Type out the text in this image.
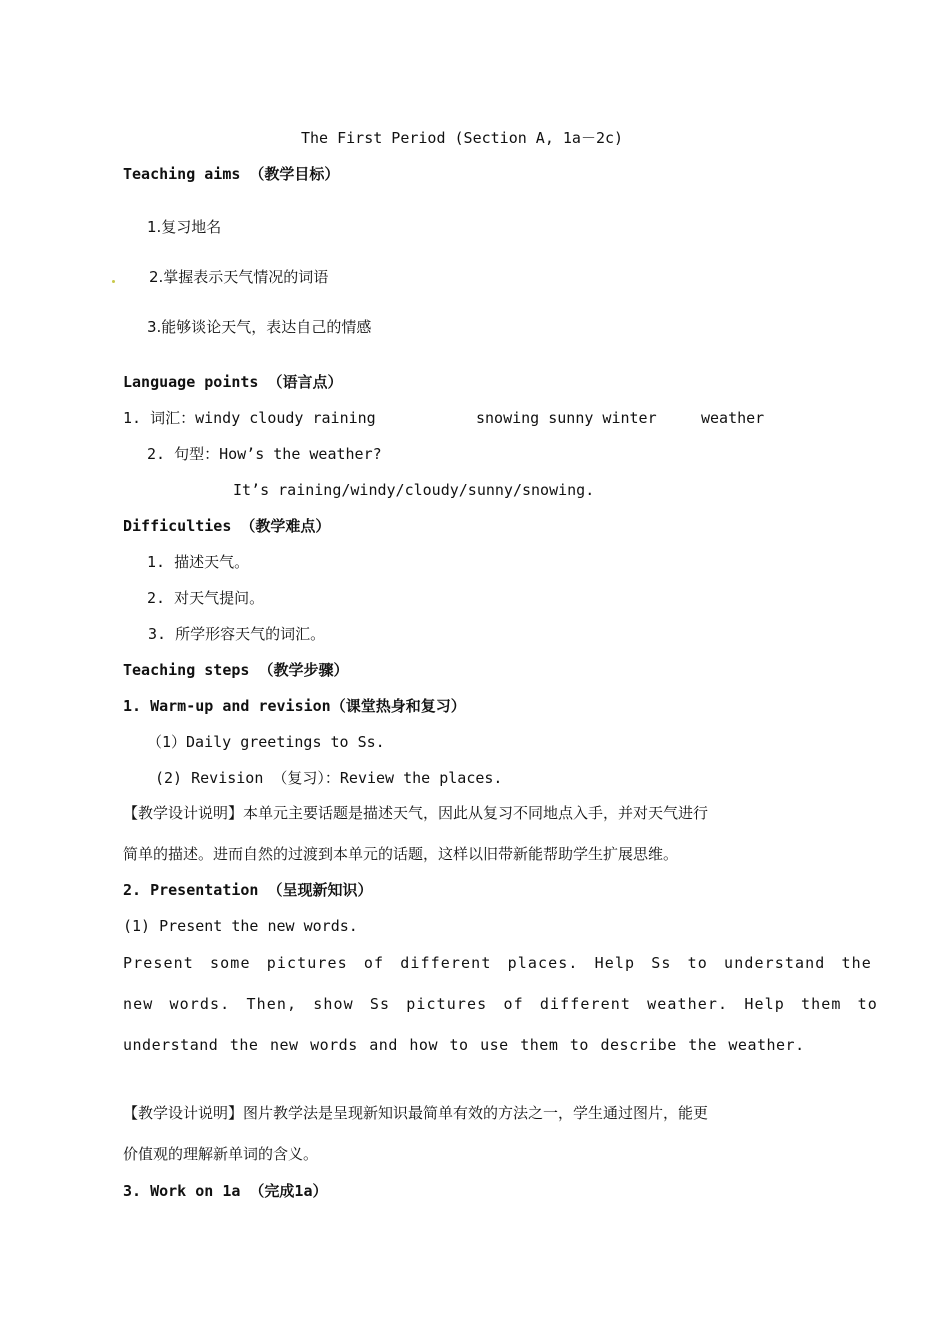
The First Period (Section A, 1a－2c)
Teaching aims （教学目标）
1.复习地名
2.掌握表示天气情况的词语
3.能够谈论天气，表达自己的情感
Language points （语言点）
1. 词汇：windy cloudy raining	snowing sunny winter	weather
2. 句型：How’s the weather?
It’s raining/windy/cloudy/sunny/snowing.
Difficulties （教学难点）
1. 描述天气。
2. 对天气提问。
3. 所学形容天气的词汇。
Teaching steps （教学步骤）
1. Warm-up and revision（课堂热身和复习）
（1）Daily greetings to Ss.
(2) Revision （复习）：Review the places.
【教学设计说明】本单元主要话题是描述天气，因此从复习不同地点入手，并对天气进行
简单的描述。进而自然的过渡到本单元的话题，这样以旧带新能帮助学生扩展思维。
2. Presentation （呈现新知识）
(1) Present the new words.
Present some pictures of different places. Help Ss to understand the
new words. Then, show Ss pictures of different weather. Help them to
understand the new words and how to use them to describe the weather.
【教学设计说明】图片教学法是呈现新知识最简单有效的方法之一，学生通过图片，能更
价值观的理解新单词的含义。
3. Work on 1a （完成1a）
